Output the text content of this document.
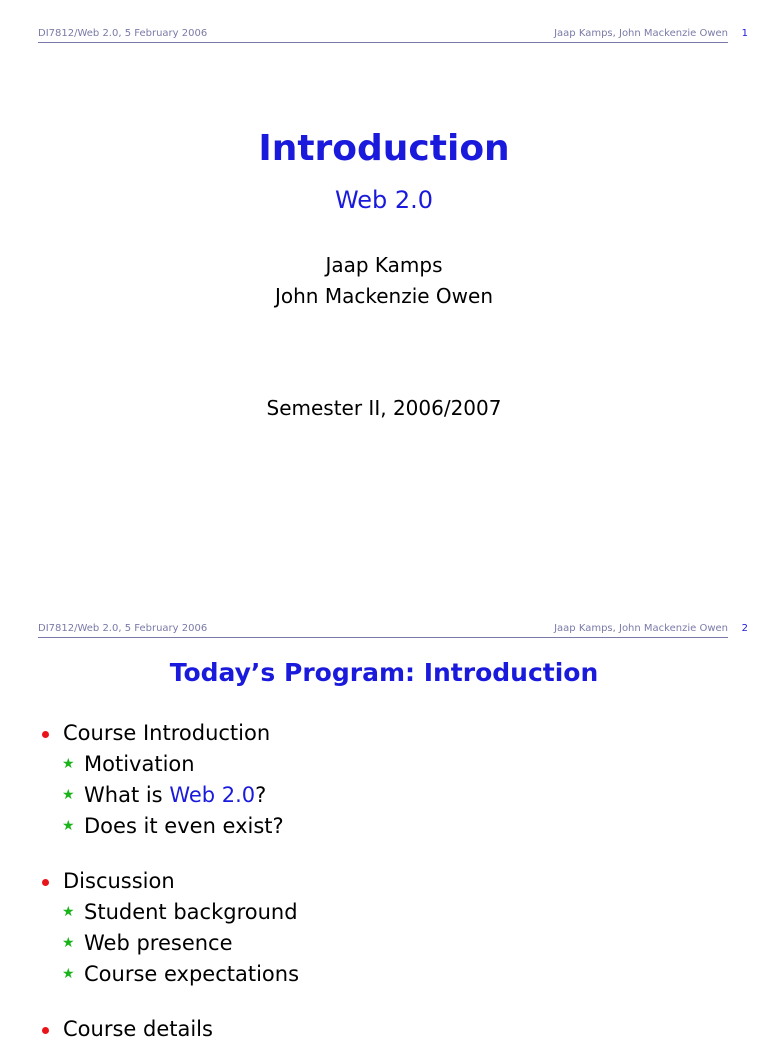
DI7812/Web 2.0, 5 February 2006	Jaap Kamps, John Mackenzie Owen 1
Introduction
Web 2.0
Jaap Kamps
John Mackenzie Owen
Semester II, 2006/2007
DI7812/Web 2.0, 5 February 2006	Jaap Kamps, John Mackenzie Owen 2
Today’s Program: Introduction
Course Introduction
★ Motivation
★ What is Web 2.0?
★ Does it even exist?
Discussion
★ Student background
★ Web presence
★ Course expectations
Course details
